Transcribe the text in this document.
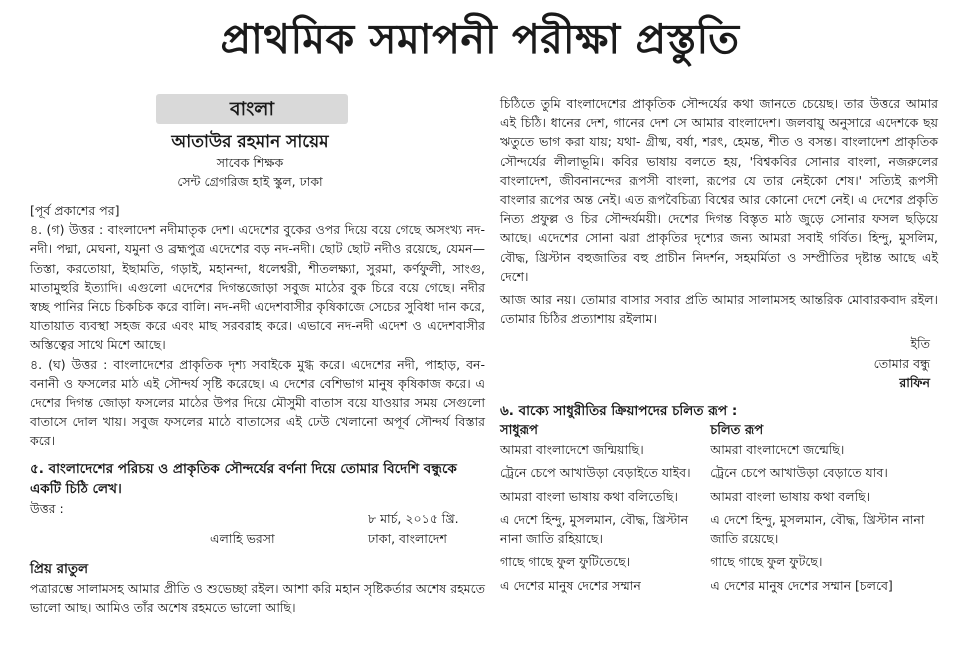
প্রাথমিক সমাপনী পরীক্ষা প্রস্তুতি
বাংলা
আতাউর রহমান সায়েম
সাবেক শিক্ষক
সেন্ট গ্রেগরিজ হাই স্কুল, ঢাকা

[পূর্ব প্রকাশের পর]

৪. (গ) উত্তর : বাংলাদেশ নদীমাতৃক দেশ। এদেশের বুকের ওপর দিয়ে বয়ে গেছে অসংখ্য নদ-নদী। পদ্মা, মেঘনা, যমুনা ও ব্রহ্মপুত্র এদেশের বড় নদ-নদী। ছোট ছোট নদীও রয়েছে, যেমন— তিস্তা, করতোয়া, ইছামতি, গড়াই, মহানন্দা, ধলেশ্বরী, শীতলক্ষ্যা, সুরমা, কর্ণফুলী, সাংগু, মাতামুহুরি ইত্যাদি। এগুলো এদেশের দিগন্তজোড়া সবুজ মাঠের বুক চিরে বয়ে গেছে। নদীর স্বচ্ছ পানির নিচে চিকচিক করে বালি। নদ-নদী এদেশবাসীর কৃষিকাজে সেচের সুবিধা দান করে, যাতায়াত ব্যবস্থা সহজ করে এবং মাছ সরবরাহ করে। এভাবে নদ-নদী এদেশ ও এদেশবাসীর অস্তিত্বের সাথে মিশে আছে।

৪. (ঘ) উত্তর : বাংলাদেশের প্রাকৃতিক দৃশ্য সবাইকে মুগ্ধ করে। এদেশের নদী, পাহাড়, বন-বনানী ও ফসলের মাঠ এই সৌন্দর্য সৃষ্টি করেছে। এ দেশের বেশিভাগ মানুষ কৃষিকাজ করে। এ দেশের দিগন্ত জোড়া ফসলের মাঠের উপর দিয়ে মৌসুমী বাতাস বয়ে যাওয়ার সময় সেগুলো বাতাসে দোল খায়। সবুজ ফসলের মাঠে বাতাসের এই ঢেউ খেলানো অপূর্ব সৌন্দর্য বিস্তার করে।

৫. বাংলাদেশের পরিচয় ও প্রাকৃতিক সৌন্দর্যের বর্ণনা দিয়ে তোমার বিদেশি বন্ধুকে একটি চিঠি লেখ।

উত্তর :
৮ মার্চ, ২০১৫ খ্রি.
এলাহি ভরসা	ঢাকা, বাংলাদেশ

প্রিয় রাতুল

পত্রারম্ভে সালামসহ আমার প্রীতি ও শুভেচ্ছা রইল। আশা করি মহান সৃষ্টিকর্তার অশেষ রহমতে ভালো আছ। আমিও তাঁর অশেষ রহমতে ভালো আছি।

চিঠিতে তুমি বাংলাদেশের প্রাকৃতিক সৌন্দর্যের কথা জানতে চেয়েছ। তার উত্তরে আমার এই চিঠি। ধানের দেশ, গানের দেশ সে আমার বাংলাদেশ। জলবায়ু অনুসারে এদেশকে ছয় ঋতুতে ভাগ করা যায়; যথা- গ্রীষ্ম, বর্ষা, শরৎ, হেমন্ত, শীত ও বসন্ত। বাংলাদেশ প্রাকৃতিক সৌন্দর্যের লীলাভূমি। কবির ভাষায় বলতে হয়, 'বিশ্বকবির সোনার বাংলা, নজরুলের বাংলাদেশ, জীবনানন্দের রূপসী বাংলা, রূপের যে তার নেইকো শেষ।' সত্যিই রূপসী বাংলার রূপের অন্ত নেই। এত রূপবৈচিত্র্য বিশ্বের আর কোনো দেশে নেই। এ দেশের প্রকৃতি নিত্য প্রফুল্ল ও চির সৌন্দর্যময়ী। দেশের দিগন্ত বিস্তৃত মাঠ জুড়ে সোনার ফসল ছড়িয়ে আছে। এদেশের সোনা ঝরা প্রাকৃতির দৃশ্যের জন্য আমরা সবাই গর্বিত। হিন্দু, মুসলিম, বৌদ্ধ, খ্রিস্টান বহুজাতির বহু প্রাচীন নিদর্শন, সহমর্মিতা ও সম্প্রীতির দৃষ্টান্ত আছে এই দেশে।

আজ আর নয়। তোমার বাসার সবার প্রতি আমার সালামসহ আন্তরিক মোবারকবাদ রইল। তোমার চিঠির প্রত্যাশায় রইলাম।

ইতি
তোমার বন্ধু
রাফিন

৬. বাক্যে সাধুরীতির ক্রিয়াপদের চলিত রূপ :

সাধুরূপ	চলিত রূপ
আমরা বাংলাদেশে জন্মিয়াছি।	আমরা বাংলাদেশে জন্মেছি।
ট্রেনে চেপে আখাউড়া বেড়াইতে যাইব।	ট্রেনে চেপে আখাউড়া বেড়াতে যাব।
আমরা বাংলা ভাষায় কথা বলিতেছি।	আমরা বাংলা ভাষায় কথা বলছি।
এ দেশে হিন্দু, মুসলমান, বৌদ্ধ, খ্রিস্টান নানা জাতি রহিয়াছে।	এ দেশে হিন্দু, মুসলমান, বৌদ্ধ, খ্রিস্টান নানা জাতি রয়েছে।
গাছে গাছে ফুল ফুটিতেছে।	গাছে গাছে ফুল ফুটছে।
এ দেশের মানুষ দেশের সম্মান	এ দেশের মানুষ দেশের সম্মান [চলবে]
